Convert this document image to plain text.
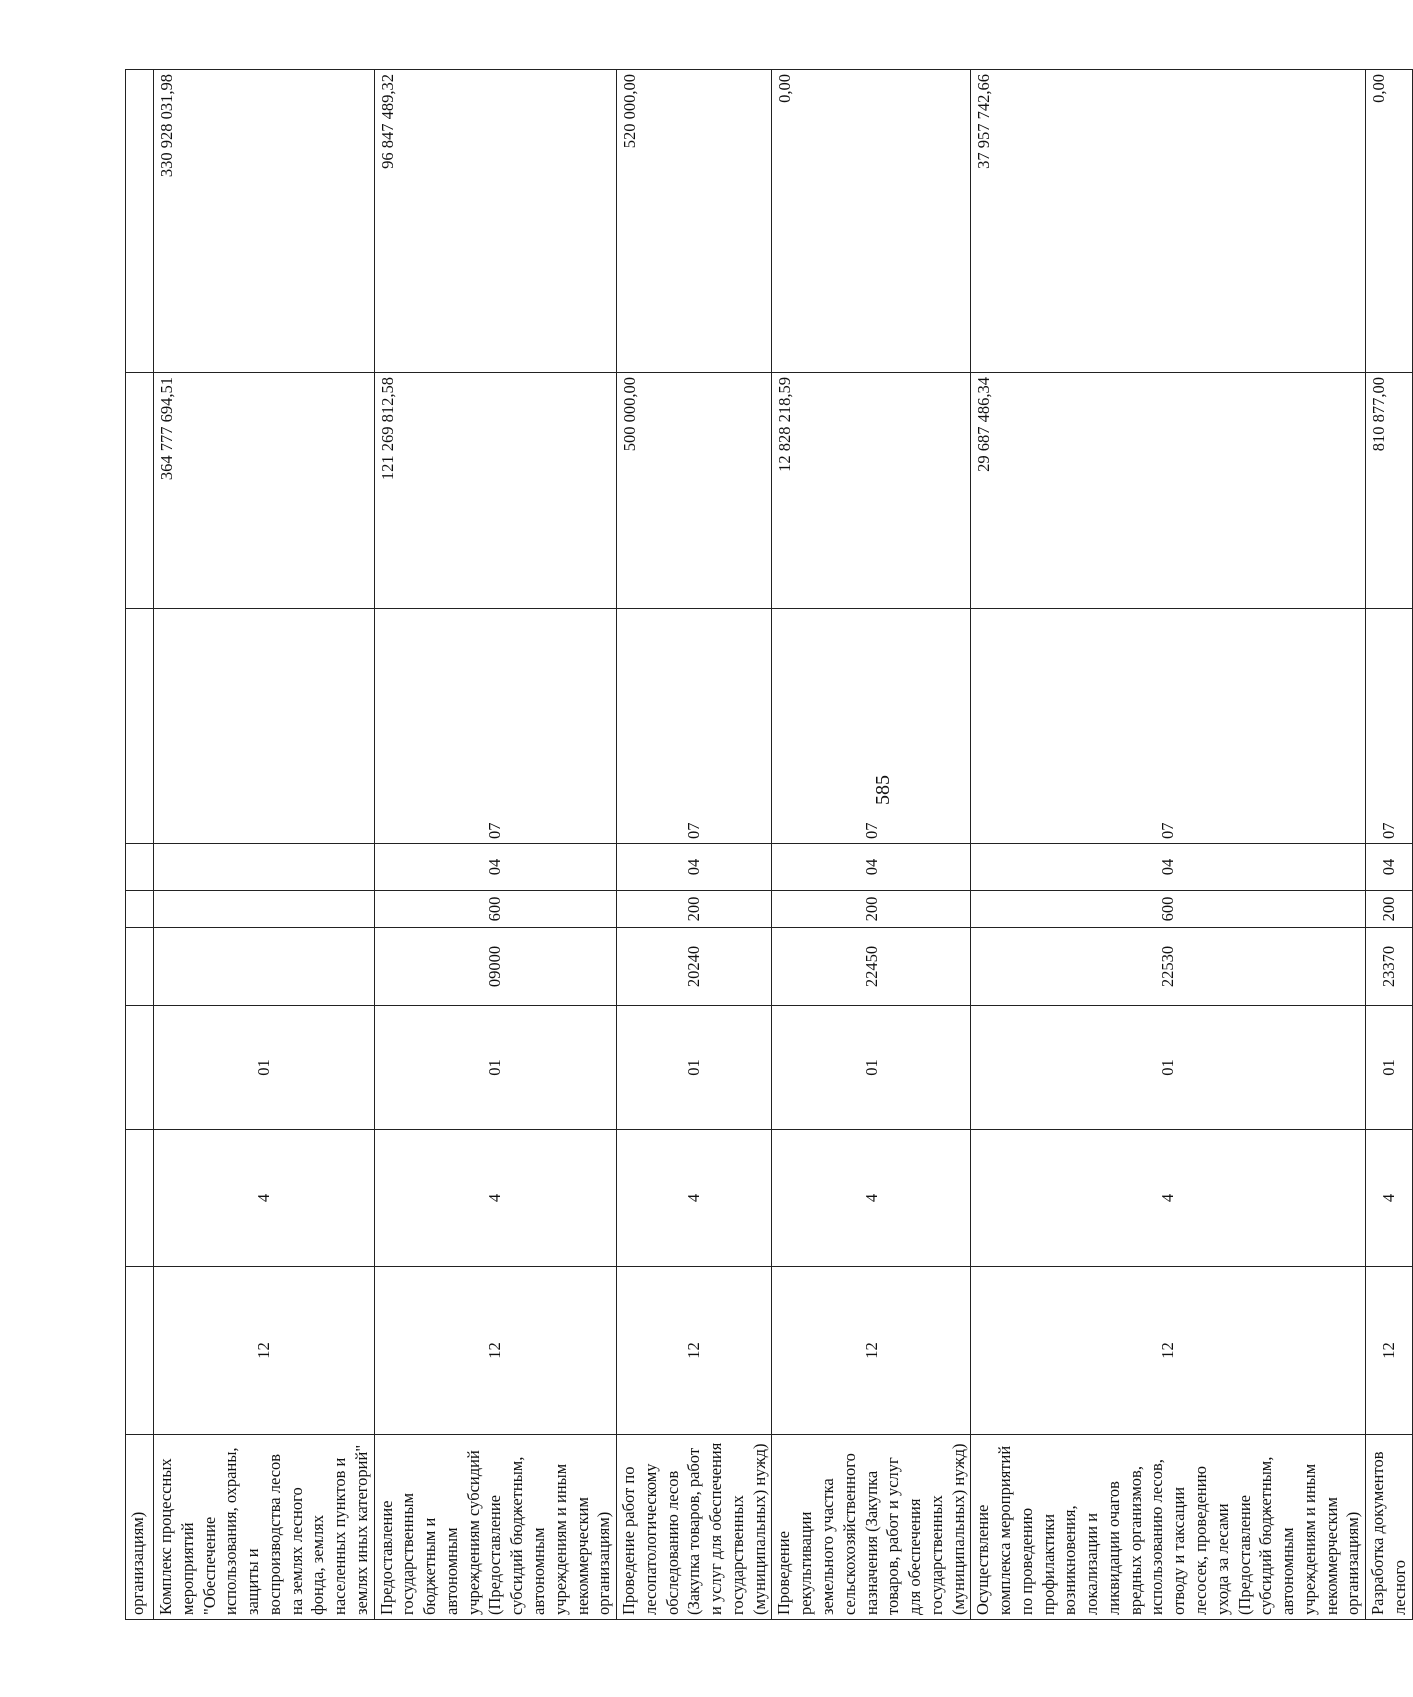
585
организациям)										
Комплекс процессных мероприятий "Обеспечение использования, охраны, защиты и воспроизводства лесов на землях лесного фонда, землях населенных пунктов и землях иных категорий"	12	4	01					364 777 694,51	330 928 031,98	
Предоставление государственным бюджетным и автономным учреждениям субсидий (Предоставление субсидий бюджетным, автономным учреждениям и иным некоммерческим организациям)	12	4	01	09000	600	04	07	121 269 812,58	96 847 489,32	
Проведение работ по лесопатологическому обследованию лесов (Закупка товаров, работ и услуг для обеспечения государственных (муниципальных) нужд)	12	4	01	20240	200	04	07	500 000,00	520 000,00	
Проведение рекультивации земельного участка сельскохозяйственного назначения (Закупка товаров, работ и услуг для обеспечения государственных (муниципальных) нужд)	12	4	01	22450	200	04	07	12 828 218,59	0,00	
Осуществление комплекса мероприятий по проведению профилактики возникновения, локализации и ликвидации очагов вредных организмов, использованию лесов, отводу и таксации лесосек, проведению ухода за лесами (Предоставление субсидий бюджетным, автономным учреждениям и иным некоммерческим организациям)	12	4	01	22530	600	04	07	29 687 486,34	37 957 742,66	
Разработка документов лесного	12	4	01	23370	200	04	07	810 877,00	0,00	
